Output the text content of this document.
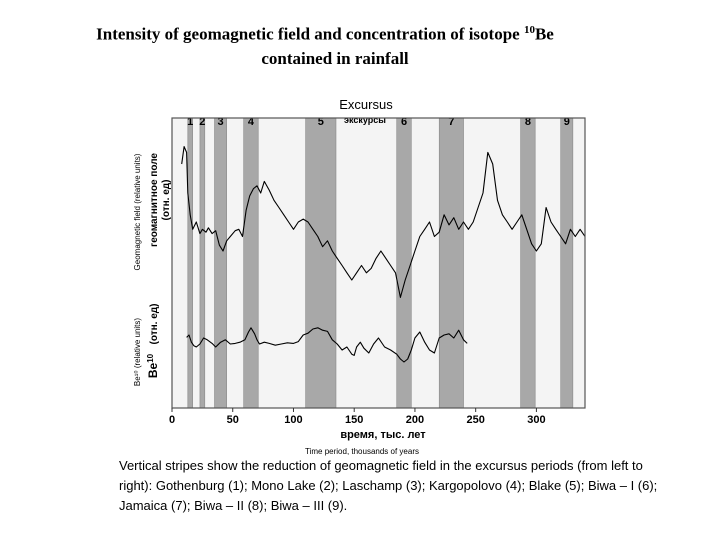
Intensity of geomagnetic field and concentration of isotope $^{10}$Be
contained in rainfall
1 2 3 4	5	6	7	8	9
Excursus
экскурсы
0	50	100	150	200	250	300
время, тыс. лет
Time period, thousands of years
геомагнитное поле (отн. ед)
Geomagnetic field (relative units)
Be$^{10}$
(отн. ед)
Be¹⁰ (relative units)
Vertical stripes show the reduction of geomagnetic field in the excursus periods (from left to right): Gothenburg (1); Mono Lake (2); Laschamp (3); Kargopolovo (4); Blake (5); Biwa – I (6); Jamaica (7); Biwa – II (8); Biwa – III (9).
